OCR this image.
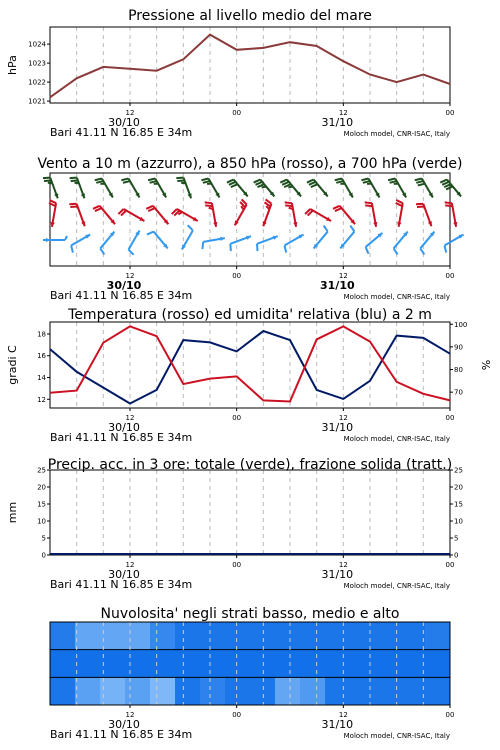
Pressione al livello medio del mare
12	00	12	00
30/10	31/10
Bari 41.11 N 16.85 E 34m	Moloch model, CNR-ISAC, Italy
1021
1022
1023
1024
hPa
Vento a 10 m (azzurro), a 850 hPa (rosso), a 700 hPa (verde)
12	00	12	00
30/10	31/10
Bari 41.11 N 16.85 E 34m	Moloch model, CNR-ISAC, Italy
Temperatura (rosso) ed umidita' relativa (blu) a 2 m
12	00	12	00
30/10	31/10
Bari 41.11 N 16.85 E 34m	Moloch model, CNR-ISAC, Italy
12
14
16
18
gradi C
70
80
90
100
%
Precip. acc. in 3 ore: totale (verde), frazione solida (tratt.)
12	00	12	00
30/10	31/10
Bari 41.11 N 16.85 E 34m	Moloch model, CNR-ISAC, Italy
0	0
5	5
10	10
15	15
20	20
25	25
mm
Nuvolosita' negli strati basso, medio e alto
12	00	12	00
30/10	31/10
Bari 41.11 N 16.85 E 34m	Moloch model, CNR-ISAC, Italy
